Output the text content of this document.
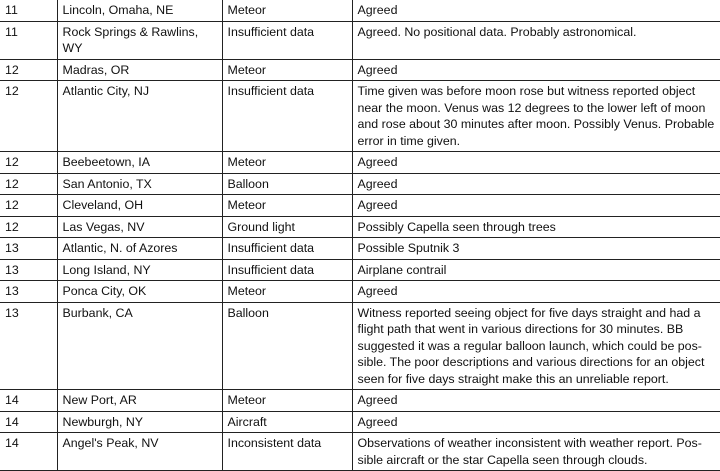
11	Lincoln, Omaha, NE	Meteor	Agreed
11	Rock Springs & Rawlins, WY	Insufficient data	Agreed. No positional data. Probably astronomical.
12	Madras, OR	Meteor	Agreed
12	Atlantic City, NJ	Insufficient data	Time given was before moon rose but witness reported object near the moon. Venus was 12 degrees to the lower left of moon and rose about 30 minutes after moon. Possibly Venus. Probable error in time given.
12	Beebeetown, IA	Meteor	Agreed
12	San Antonio, TX	Balloon	Agreed
12	Cleveland, OH	Meteor	Agreed
12	Las Vegas, NV	Ground light	Possibly Capella seen through trees
13	Atlantic, N. of Azores	Insufficient data	Possible Sputnik 3
13	Long Island, NY	Insufficient data	Airplane contrail
13	Ponca City, OK	Meteor	Agreed
13	Burbank, CA	Balloon	Witness reported seeing object for five days straight and had a flight path that went in various directions for 30 minutes. BB suggested it was a regular balloon launch, which could be pos-sible. The poor descriptions and various directions for an object seen for five days straight make this an unreliable report.
14	New Port, AR	Meteor	Agreed
14	Newburgh, NY	Aircraft	Agreed
14	Angel's Peak, NV	Inconsistent data	Observations of weather inconsistent with weather report. Pos-sible aircraft or the star Capella seen through clouds.
